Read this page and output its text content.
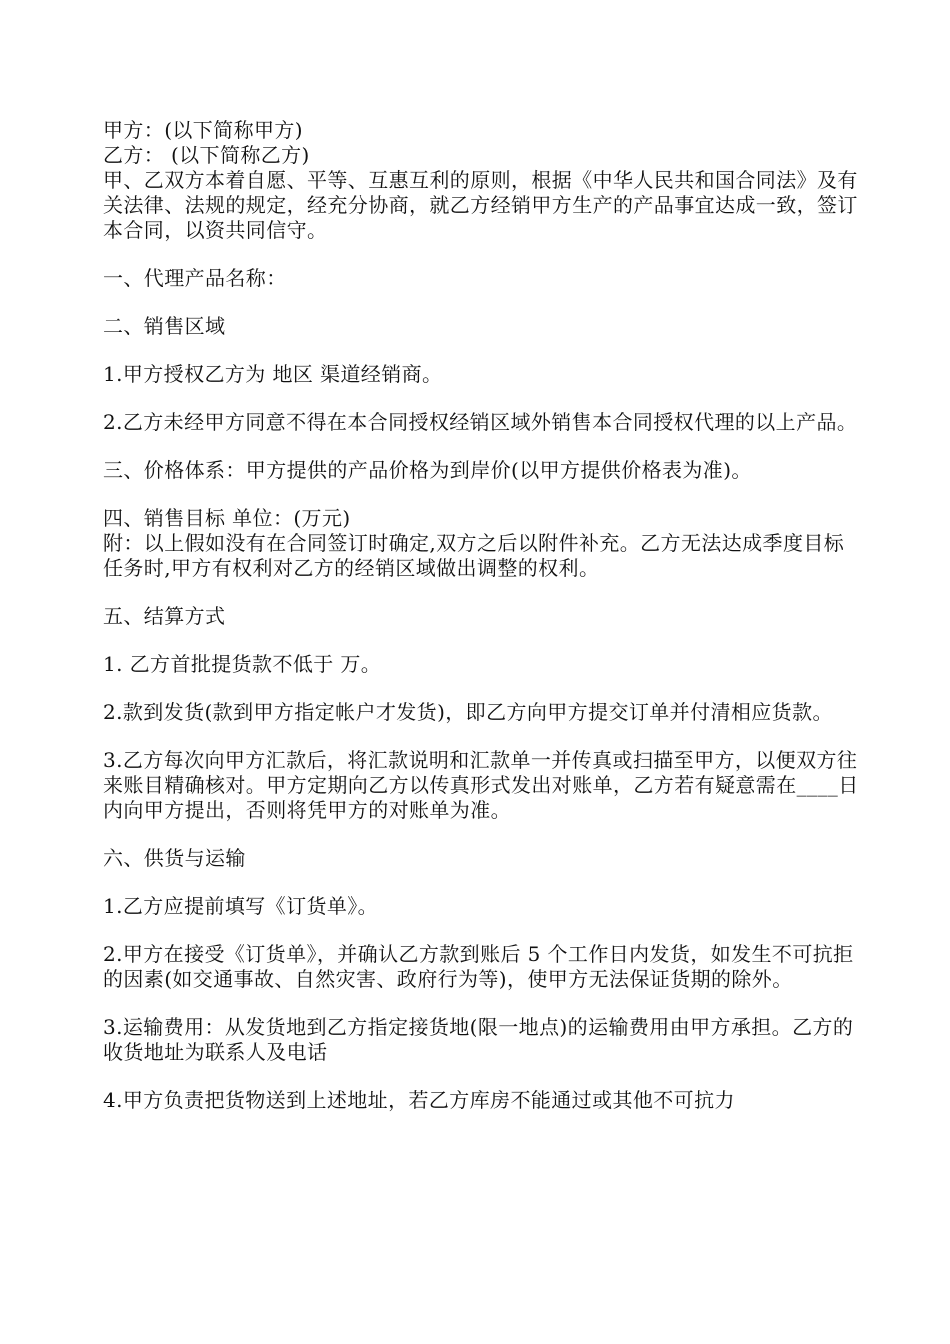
甲方：(以下简称甲方)

乙方： (以下简称乙方)

甲、乙双方本着自愿、平等、互惠互利的原则，根据《中华人民共和国合同法》及有关法律、法规的规定，经充分协商，就乙方经销甲方生产的产品事宜达成一致，签订本合同，以资共同信守。

一、代理产品名称：

二、销售区域

1.甲方授权乙方为 地区 渠道经销商。

2.乙方未经甲方同意不得在本合同授权经销区域外销售本合同授权代理的以上产品。

三、价格体系：甲方提供的产品价格为到岸价(以甲方提供价格表为准)。

四、销售目标 单位：(万元)

附：以上假如没有在合同签订时确定,双方之后以附件补充。乙方无法达成季度目标任务时,甲方有权利对乙方的经销区域做出调整的权利。

五、结算方式

1. 乙方首批提货款不低于 万。

2.款到发货(款到甲方指定帐户才发货)，即乙方向甲方提交订单并付清相应货款。

3.乙方每次向甲方汇款后，将汇款说明和汇款单一并传真或扫描至甲方，以便双方往来账目精确核对。甲方定期向乙方以传真形式发出对账单，乙方若有疑意需在____日内向甲方提出，否则将凭甲方的对账单为准。

六、供货与运输

1.乙方应提前填写《订货单》。

2.甲方在接受《订货单》，并确认乙方款到账后 5 个工作日内发货，如发生不可抗拒的因素(如交通事故、自然灾害、政府行为等)，使甲方无法保证货期的除外。

3.运输费用：从发货地到乙方指定接货地(限一地点)的运输费用由甲方承担。乙方的收货地址为联系人及电话

4.甲方负责把货物送到上述地址，若乙方库房不能通过或其他不可抗力
